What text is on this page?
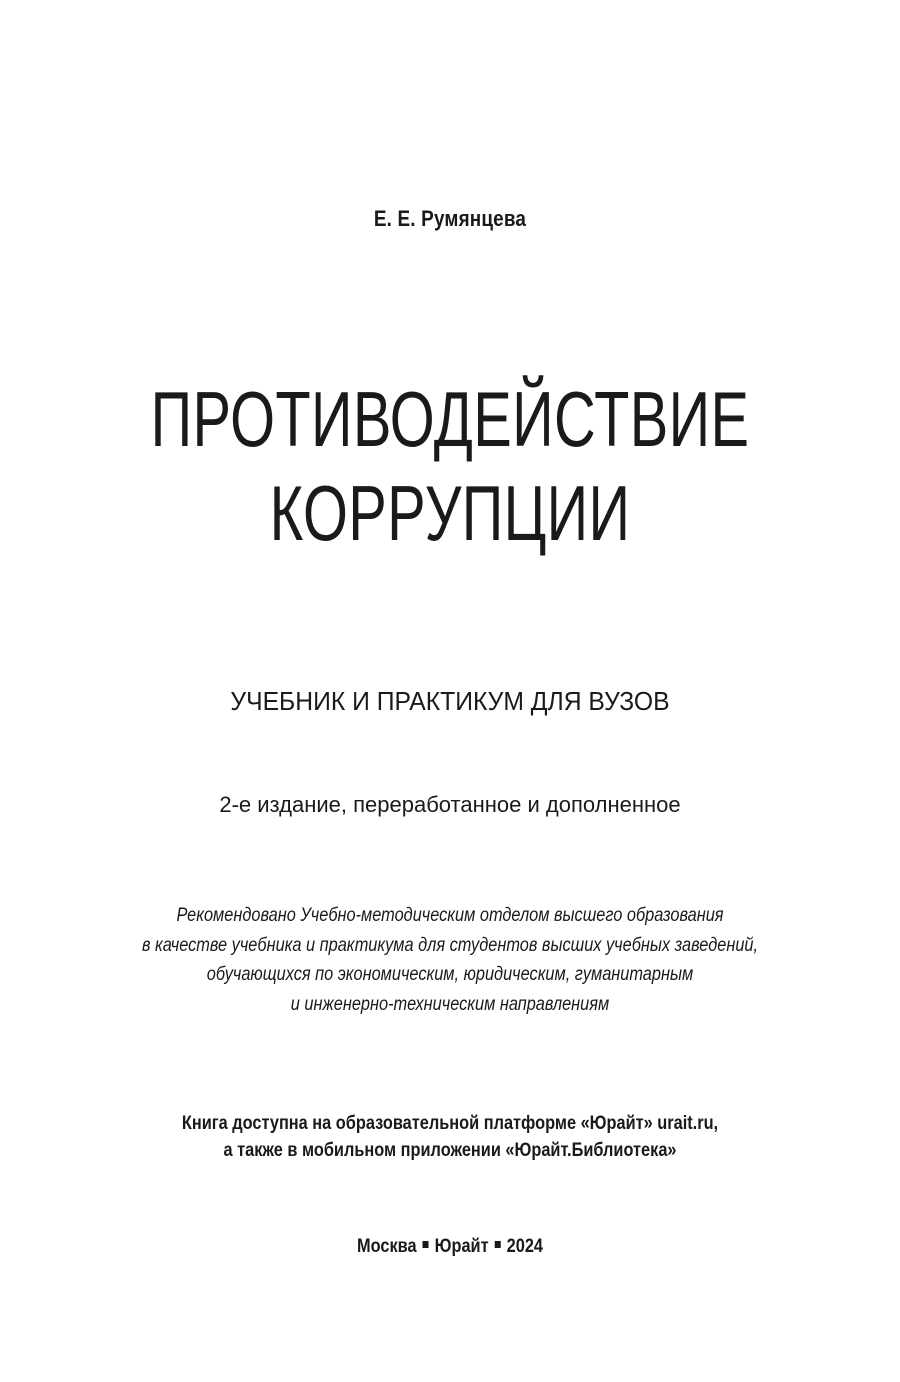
Е. Е. Румянцева
ПРОТИВОДЕЙСТВИЕ
КОРРУПЦИИ
УЧЕБНИК И ПРАКТИКУМ ДЛЯ ВУЗОВ
2-е издание, переработанное и дополненное
Рекомендовано Учебно-методическим отделом высшего образования
в качестве учебника и практикума для студентов высших учебных заведений,
обучающихся по экономическим, юридическим, гуманитарным
и инженерно-техническим направлениям
Книга доступна на образовательной платформе «Юрайт» urait.ru,
а также в мобильном приложении «Юрайт.Библиотека»
Москва Юрайт 2024
